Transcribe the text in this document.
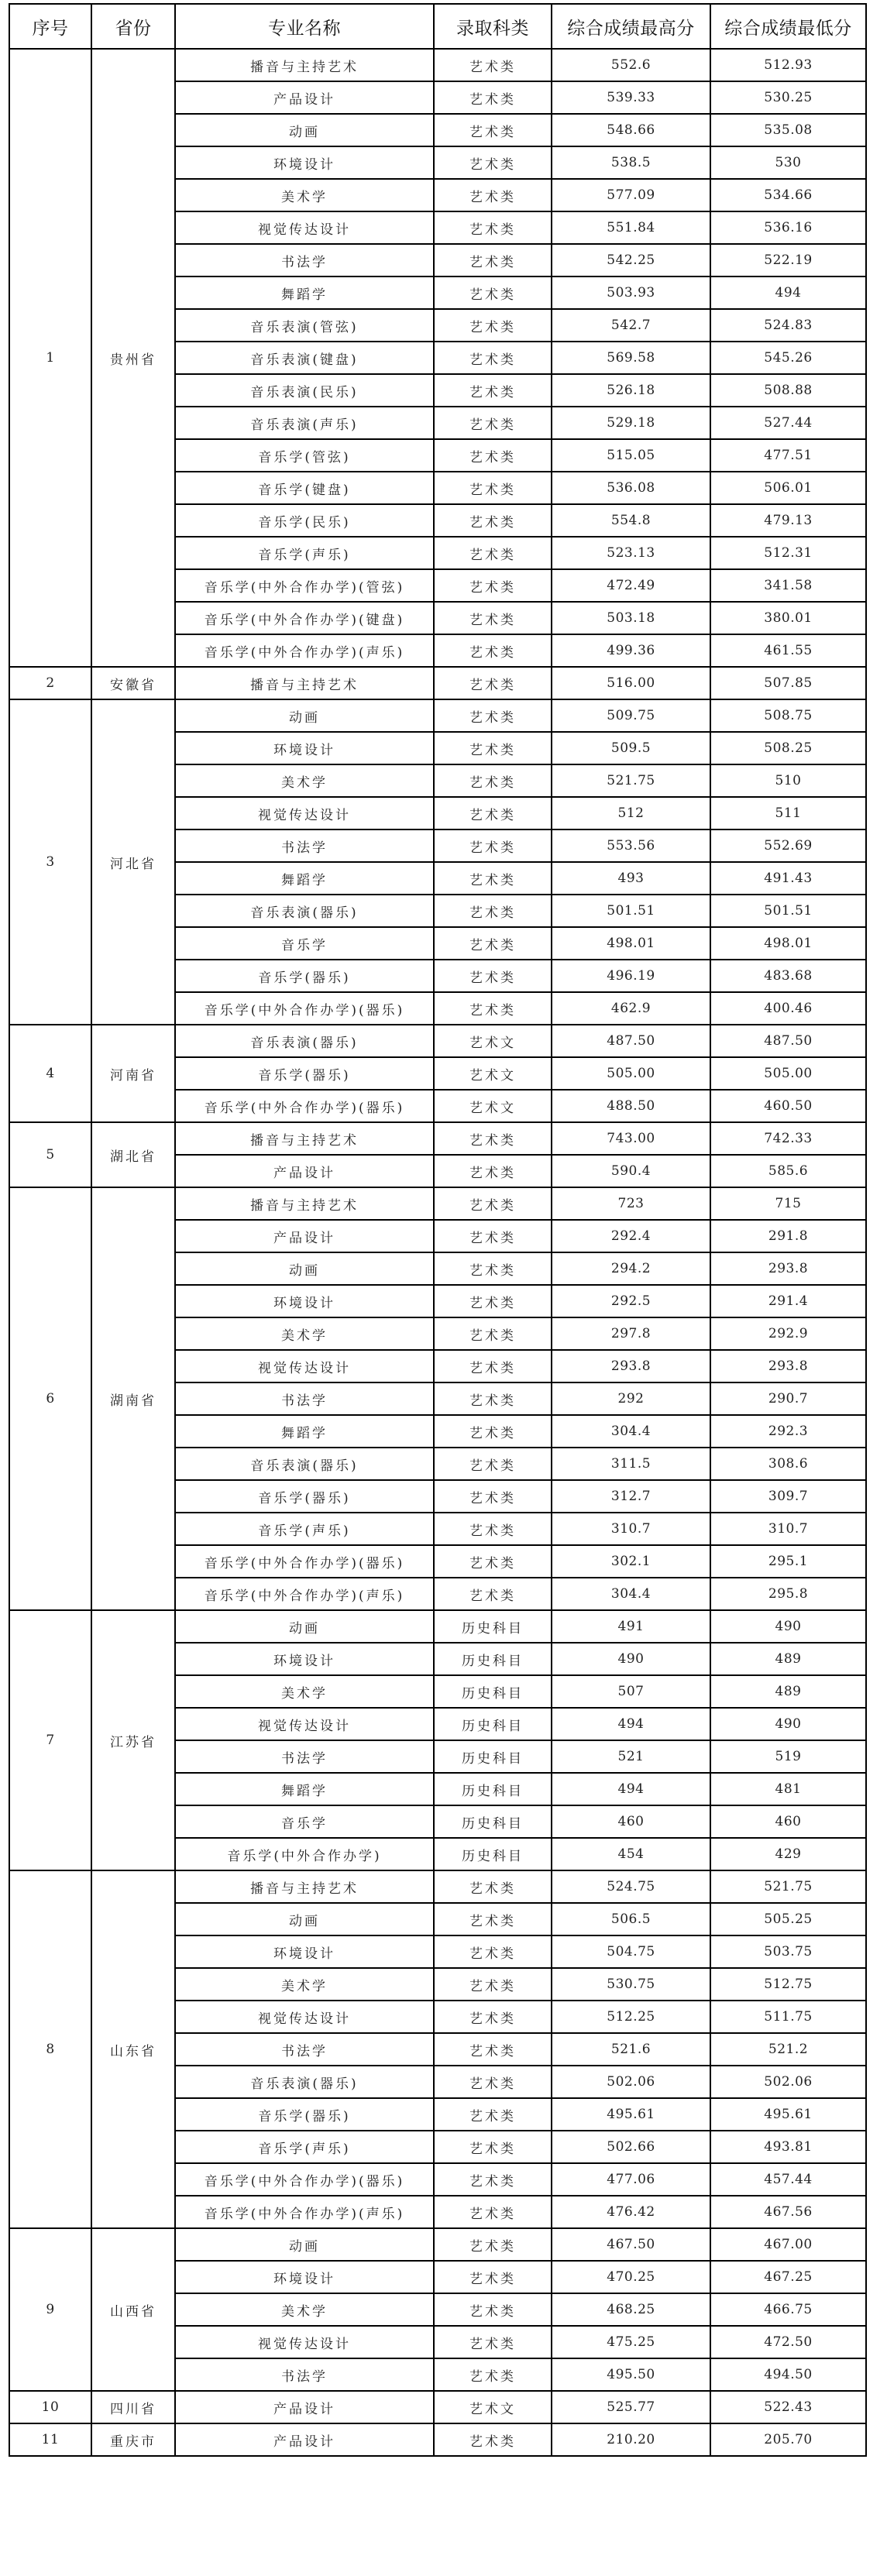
序号	省份	专业名称	录取科类	综合成绩最高分	综合成绩最低分
1	贵州省	播音与主持艺术	艺术类	552.6	512.93
		产品设计	艺术类	539.33	530.25
		动画	艺术类	548.66	535.08
		环境设计	艺术类	538.5	530
		美术学	艺术类	577.09	534.66
		视觉传达设计	艺术类	551.84	536.16
		书法学	艺术类	542.25	522.19
		舞蹈学	艺术类	503.93	494
		音乐表演(管弦)	艺术类	542.7	524.83
		音乐表演(键盘)	艺术类	569.58	545.26
		音乐表演(民乐)	艺术类	526.18	508.88
		音乐表演(声乐)	艺术类	529.18	527.44
		音乐学(管弦)	艺术类	515.05	477.51
		音乐学(键盘)	艺术类	536.08	506.01
		音乐学(民乐)	艺术类	554.8	479.13
		音乐学(声乐)	艺术类	523.13	512.31
		音乐学(中外合作办学)(管弦)	艺术类	472.49	341.58
		音乐学(中外合作办学)(键盘)	艺术类	503.18	380.01
		音乐学(中外合作办学)(声乐)	艺术类	499.36	461.55
2	安徽省	播音与主持艺术	艺术类	516.00	507.85
3	河北省	动画	艺术类	509.75	508.75
		环境设计	艺术类	509.5	508.25
		美术学	艺术类	521.75	510
		视觉传达设计	艺术类	512	511
		书法学	艺术类	553.56	552.69
		舞蹈学	艺术类	493	491.43
		音乐表演(器乐)	艺术类	501.51	501.51
		音乐学	艺术类	498.01	498.01
		音乐学(器乐)	艺术类	496.19	483.68
		音乐学(中外合作办学)(器乐)	艺术类	462.9	400.46
4	河南省	音乐表演(器乐)	艺术文	487.50	487.50
		音乐学(器乐)	艺术文	505.00	505.00
		音乐学(中外合作办学)(器乐)	艺术文	488.50	460.50
5	湖北省	播音与主持艺术	艺术类	743.00	742.33
		产品设计	艺术类	590.4	585.6
6	湖南省	播音与主持艺术	艺术类	723	715
		产品设计	艺术类	292.4	291.8
		动画	艺术类	294.2	293.8
		环境设计	艺术类	292.5	291.4
		美术学	艺术类	297.8	292.9
		视觉传达设计	艺术类	293.8	293.8
		书法学	艺术类	292	290.7
		舞蹈学	艺术类	304.4	292.3
		音乐表演(器乐)	艺术类	311.5	308.6
		音乐学(器乐)	艺术类	312.7	309.7
		音乐学(声乐)	艺术类	310.7	310.7
		音乐学(中外合作办学)(器乐)	艺术类	302.1	295.1
		音乐学(中外合作办学)(声乐)	艺术类	304.4	295.8
7	江苏省	动画	历史科目	491	490
		环境设计	历史科目	490	489
		美术学	历史科目	507	489
		视觉传达设计	历史科目	494	490
		书法学	历史科目	521	519
		舞蹈学	历史科目	494	481
		音乐学	历史科目	460	460
		音乐学(中外合作办学)	历史科目	454	429
8	山东省	播音与主持艺术	艺术类	524.75	521.75
		动画	艺术类	506.5	505.25
		环境设计	艺术类	504.75	503.75
		美术学	艺术类	530.75	512.75
		视觉传达设计	艺术类	512.25	511.75
		书法学	艺术类	521.6	521.2
		音乐表演(器乐)	艺术类	502.06	502.06
		音乐学(器乐)	艺术类	495.61	495.61
		音乐学(声乐)	艺术类	502.66	493.81
		音乐学(中外合作办学)(器乐)	艺术类	477.06	457.44
		音乐学(中外合作办学)(声乐)	艺术类	476.42	467.56
9	山西省	动画	艺术类	467.50	467.00
		环境设计	艺术类	470.25	467.25
		美术学	艺术类	468.25	466.75
		视觉传达设计	艺术类	475.25	472.50
		书法学	艺术类	495.50	494.50
10	四川省	产品设计	艺术文	525.77	522.43
11	重庆市	产品设计	艺术类	210.20	205.70
